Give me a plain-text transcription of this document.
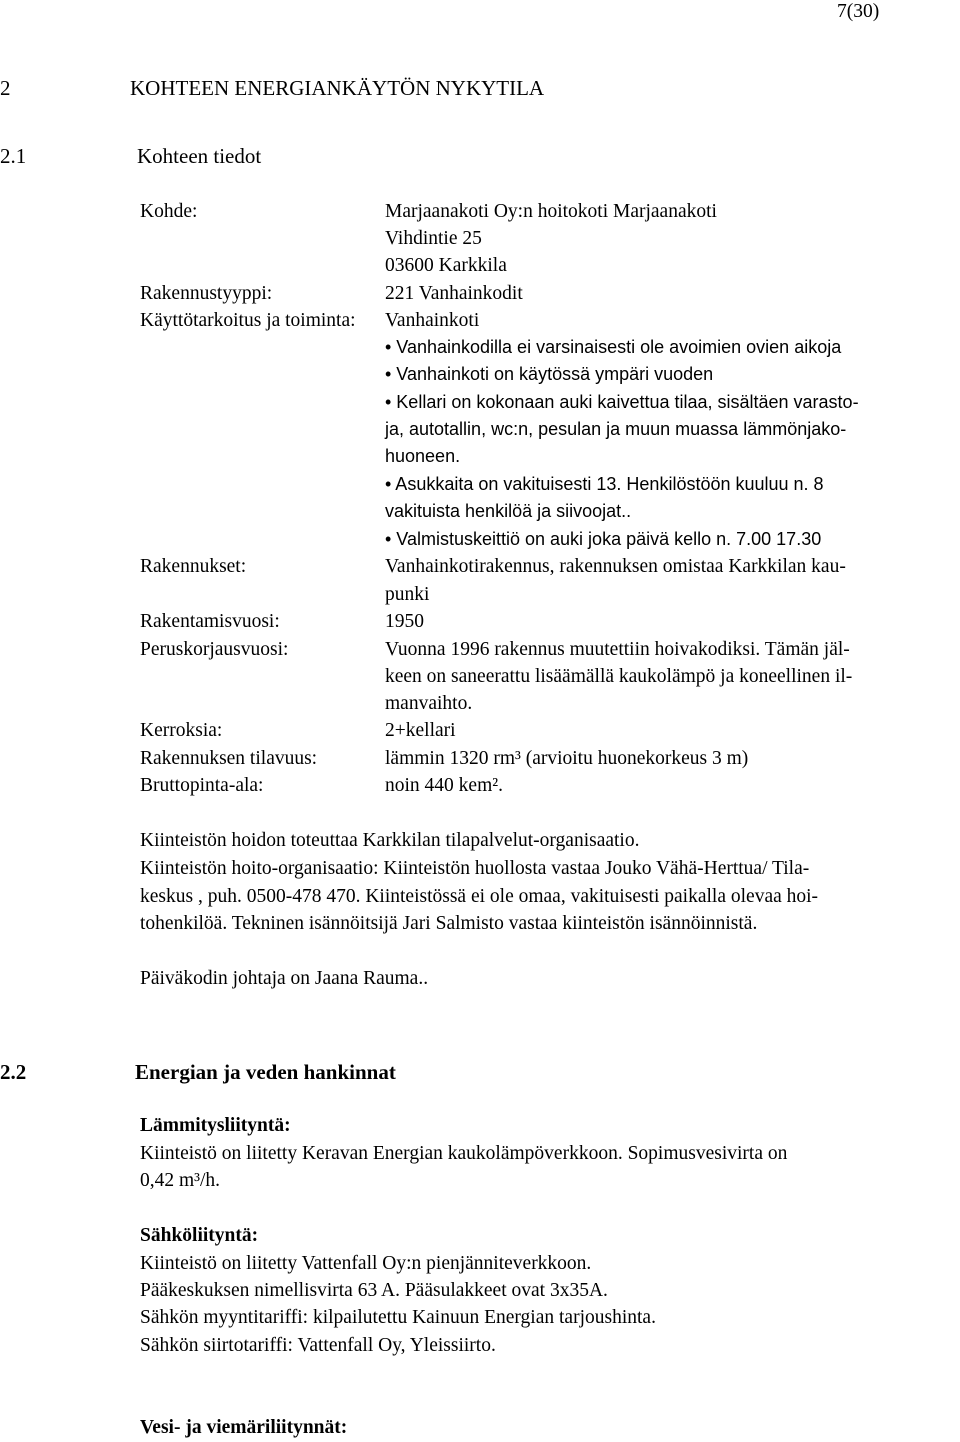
7(30)
2	KOHTEEN ENERGIANKÄYTÖN NYKYTILA
2.1	Kohteen tiedot
Kohde:	Marjaanakoti Oy:n hoitokoti Marjaanakoti
Vihdintie 25
03600 Karkkila
Rakennustyyppi:	221 Vanhainkodit
Käyttötarkoitus ja toiminta: Vanhainkoti
• Vanhainkodilla ei varsinaisesti ole avoimien ovien aikoja
• Vanhainkoti on käytössä ympäri vuoden
• Kellari on kokonaan auki kaivettua tilaa, sisältäen varasto-
ja, autotallin, wc:n, pesulan ja muun muassa lämmönjako-
huoneen.
• Asukkaita on vakituisesti 13. Henkilöstöön kuuluu n. 8
vakituista henkilöä ja siivoojat..
• Valmistuskeittiö on auki joka päivä kello n. 7.00 17.30
Rakennukset:	Vanhainkotirakennus, rakennuksen omistaa Karkkilan kau-
punki
Rakentamisvuosi:	1950
Peruskorjausvuosi:	Vuonna 1996 rakennus muutettiin hoivakodiksi. Tämän jäl-
keen on saneerattu lisäämällä kaukolämpö ja koneellinen il-
manvaihto.
Kerroksia:	2+kellari
Rakennuksen tilavuus:	lämmin 1320 rm³ (arvioitu huonekorkeus 3 m)
Bruttopinta-ala:	noin 440 kem².
Kiinteistön hoidon toteuttaa Karkkilan tilapalvelut-organisaatio.
Kiinteistön hoito-organisaatio: Kiinteistön huollosta vastaa Jouko Vähä-Herttua/ Tila-
keskus , puh. 0500-478 470. Kiinteistössä ei ole omaa, vakituisesti paikalla olevaa hoi-
tohenkilöä. Tekninen isännöitsijä Jari Salmisto vastaa kiinteistön isännöinnistä.
Päiväkodin johtaja on Jaana Rauma..
2.2	Energian ja veden hankinnat
Lämmitysliityntä:
Kiinteistö on liitetty Keravan Energian kaukolämpöverkkoon. Sopimusvesivirta on
0,42 m³/h.
Sähköliityntä:
Kiinteistö on liitetty Vattenfall Oy:n pienjänniteverkkoon.
Pääkeskuksen nimellisvirta 63 A. Pääsulakkeet ovat 3x35A.
Sähkön myyntitariffi: kilpailutettu Kainuun Energian tarjoushinta.
Sähkön siirtotariffi: Vattenfall Oy, Yleissiirto.
Vesi- ja viemäriliitynnät:
